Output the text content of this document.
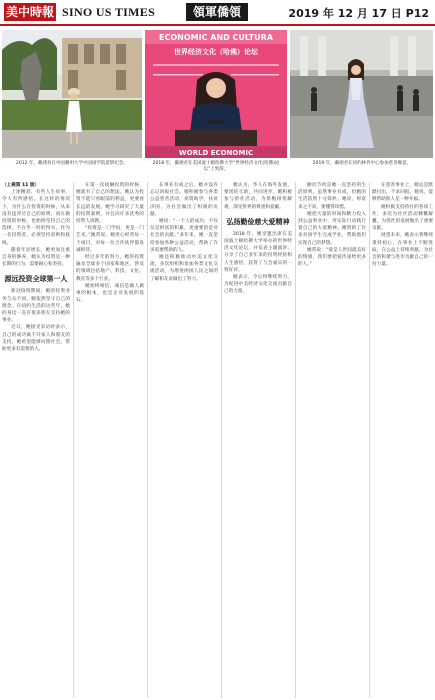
美中時報 SINO US TIMES	領軍僑領	2019 年 12 月 17 日 P12
ECONOMIC AND CULTURA
世界经济文化（哈佛）论坛
WORLD ECONOMIC
2012 年，戴翊君在中国潮州大学中国国学院留影纪念。	2018 年，戴翊君在美国波士顿哈佛大学“世界经济文化(哈佛)论坛”上致辞。
2019 年，戴翊君在纽约林肯中心参加慈善晚宴。

（上接第 11 版）

上述精彩、有些人生故事，令人有所感悟。在这样的情况下，为什么在投资的时候，从来没有违背过自己的原则，而在做投资的时候，也始终坚持自己的选择，不在乎一时的得失，作为一名投资者，必须坚持原则和底线。

随着年岁增长，她更加注重自身的修养，她认为投资是一种长期的行为，需要耐心和坚持。

源远投资全球第一人

新冠疫情期间，她的投资业务与众不同，她依然坚守自己的理念。在纽约生活的这些年，她的身边一直有很多朋友支持她的事业。

近日，她接受采访时表示，自己的成功离不开家人和朋友的支持，她希望能够回馈社会，帮助更多有需要的人。

在第一次接触投资的时候，她就有了自己的想法。她认为投资不能只看眼前的利益，更要看长远的发展。她学习研究了大量的投资案例，并且向许多优秀的投资人请教。

“投资是一门学问，更是一门艺术。”她常说。她用心经营每一个项目，对每一位合作伙伴都真诚相待。

经过多年的努力，她的投资遍及全球多个国家和地区，涉及的领域包括地产、科技、文化、教育等多个行业。

她始终相信，诚信是做人做事的根本，也是企业发展的基石。

在事业有成之后，她并没有忘记回报社会。她积极参与各类公益慈善活动，捐资助学，扶贫济困，为社会做出了积极的贡献。

她说：“一个人的成功，不仅仅是财富的积累，更重要的是对社会的贡献。”多年来，她一直坚持参加各种公益活动，帮助了许多需要帮助的人。

她还积极推动中美文化交流，多次组织和参加各类文化交流活动，为增进两国人民之间的了解和友谊做出了努力。

她认为，华人在海外发展，要团结互助，共同进步。她积极参与侨社活动，为侨胞排忧解难，深受侨界的尊重和爱戴。

弘扬勤俭慈大爱精神

2018 年，她受邀出席在美国波士顿哈佛大学举办的世界经济文化论坛，并发表主题演讲，分享了自己多年来的投资经验和人生感悟，获得了与会嘉宾的一致好评。

她表示，今后将继续努力，为促进中美经济文化交流贡献自己的力量。

勤俭节约是她一直坚持的生活原则。虽然事业有成，但她的生活依然十分简朴。她说，财富来之不易，要懂得珍惜。

她把大量的时间和精力投入到公益事业中，用实际行动践行着自己的大爱精神。她资助了许多贫困学生完成学业，帮助他们实现自己的梦想。

她常说：“爱是人世间最美好的情感，我们要把爱传递给更多的人。”

在慈善事业上，她总是默默付出，不求回报。她说，能够帮助别人是一种幸福。

她积极支持侨社的各项工作，多次为社区活动慷慨解囊，为侨社的发展做出了重要贡献。

展望未来，她表示将继续秉持初心，在事业上不断进取，在公益上持续奉献，为社会的和谐与进步贡献自己的一份力量。
